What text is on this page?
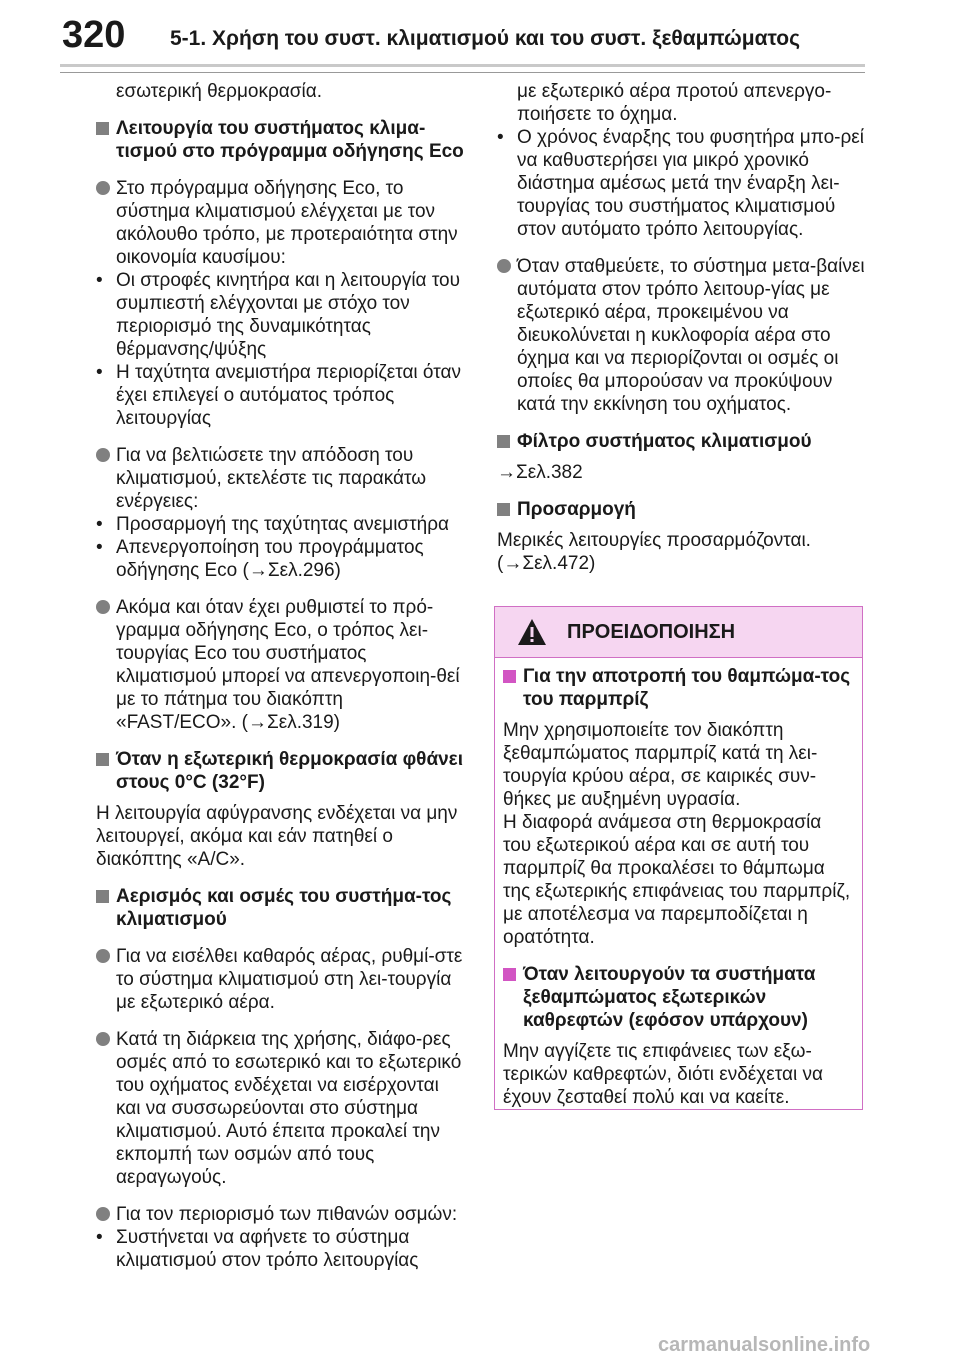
320 5-1. Χρήση του συστ. κλιματισμού και του συστ. ξεθαμπώματος

εσωτερική θερμοκρασία.

Λειτουργία του συστήματος κλιμα-τισμού στο πρόγραμμα οδήγησης Eco
Στο πρόγραμμα οδήγησης Eco, το σύστημα κλιματισμού ελέγχεται με τον ακόλουθο τρόπο, με προτεραιότητα στην οικονομία καυσίμου:
• Οι στροφές κινητήρα και η λειτουργία του συμπιεστή ελέγχονται με στόχο τον περιορισμό της δυναμικότητας θέρμανσης/ψύξης
• Η ταχύτητα ανεμιστήρα περιορίζεται όταν έχει επιλεγεί ο αυτόματος τρόπος λειτουργίας
Για να βελτιώσετε την απόδοση του κλιματισμού, εκτελέστε τις παρακάτω ενέργειες:
• Προσαρμογή της ταχύτητας ανεμιστήρα
• Απενεργοποίηση του προγράμματος οδήγησης Eco (→Σελ.296)
Ακόμα και όταν έχει ρυθμιστεί το πρό-γραμμα οδήγησης Eco, ο τρόπος λει-τουργίας Eco του συστήματος κλιματισμού μπορεί να απενεργοποιη-θεί με το πάτημα του διακόπτη «FAST/ECO». (→Σελ.319)
Όταν η εξωτερική θερμοκρασία φθάνει στους 0°C (32°F)

Η λειτουργία αφύγρανσης ενδέχεται να μην λειτουργεί, ακόμα και εάν πατηθεί ο διακόπτης «A/C».

Αερισμός και οσμές του συστήμα-τος κλιματισμού
Για να εισέλθει καθαρός αέρας, ρυθμί-στε το σύστημα κλιματισμού στη λει-τουργία με εξωτερικό αέρα.
Κατά τη διάρκεια της χρήσης, διάφο-ρες οσμές από το εσωτερικό και το εξωτερικό του οχήματος ενδέχεται να εισέρχονται και να συσσωρεύονται στο σύστημα κλιματισμού. Αυτό έπειτα προκαλεί την εκπομπή των οσμών από τους αεραγωγούς.
Για τον περιορισμό των πιθανών οσμών:
• Συστήνεται να αφήνετε το σύστημα κλιματισμού στον τρόπο λειτουργίας

με εξωτερικό αέρα προτού απενεργο-ποιήσετε το όχημα.

• Ο χρόνος έναρξης του φυσητήρα μπο-ρεί να καθυστερήσει για μικρό χρονικό διάστημα αμέσως μετά την έναρξη λει-τουργίας του συστήματος κλιματισμού στον αυτόματο τρόπο λειτουργίας.
Όταν σταθμεύετε, το σύστημα μετα-βαίνει αυτόματα στον τρόπο λειτουρ-γίας με εξωτερικό αέρα, προκειμένου να διευκολύνεται η κυκλοφορία αέρα στο όχημα και να περιορίζονται οι οσμές οι οποίες θα μπορούσαν να προκύψουν κατά την εκκίνηση του οχήματος.
Φίλτρο συστήματος κλιματισμού

→Σελ.382

Προσαρμογή

Μερικές λειτουργίες προσαρμόζονται. (→Σελ.472)

ΠΡΟΕΙΔΟΠΟΙΗΣΗ
Για την αποτροπή του θαμπώμα-τος του παρμπρίζ

Μην χρησιμοποιείτε τον διακόπτη ξεθαμπώματος παρμπρίζ κατά τη λει-τουργία κρύου αέρα, σε καιρικές συν-θήκες με αυξημένη υγρασία.

Η διαφορά ανάμεσα στη θερμοκρασία του εξωτερικού αέρα και σε αυτή του παρμπρίζ θα προκαλέσει το θάμπωμα της εξωτερικής επιφάνειας του παρμπρίζ, με αποτέλεσμα να παρεμποδίζεται η ορατότητα.

Όταν λειτουργούν τα συστήματα ξεθαμπώματος εξωτερικών καθρεφτών (εφόσον υπάρχουν)

Μην αγγίζετε τις επιφάνειες των εξω-τερικών καθρεφτών, διότι ενδέχεται να έχουν ζεσταθεί πολύ και να καείτε.

carmanualsonline.info
